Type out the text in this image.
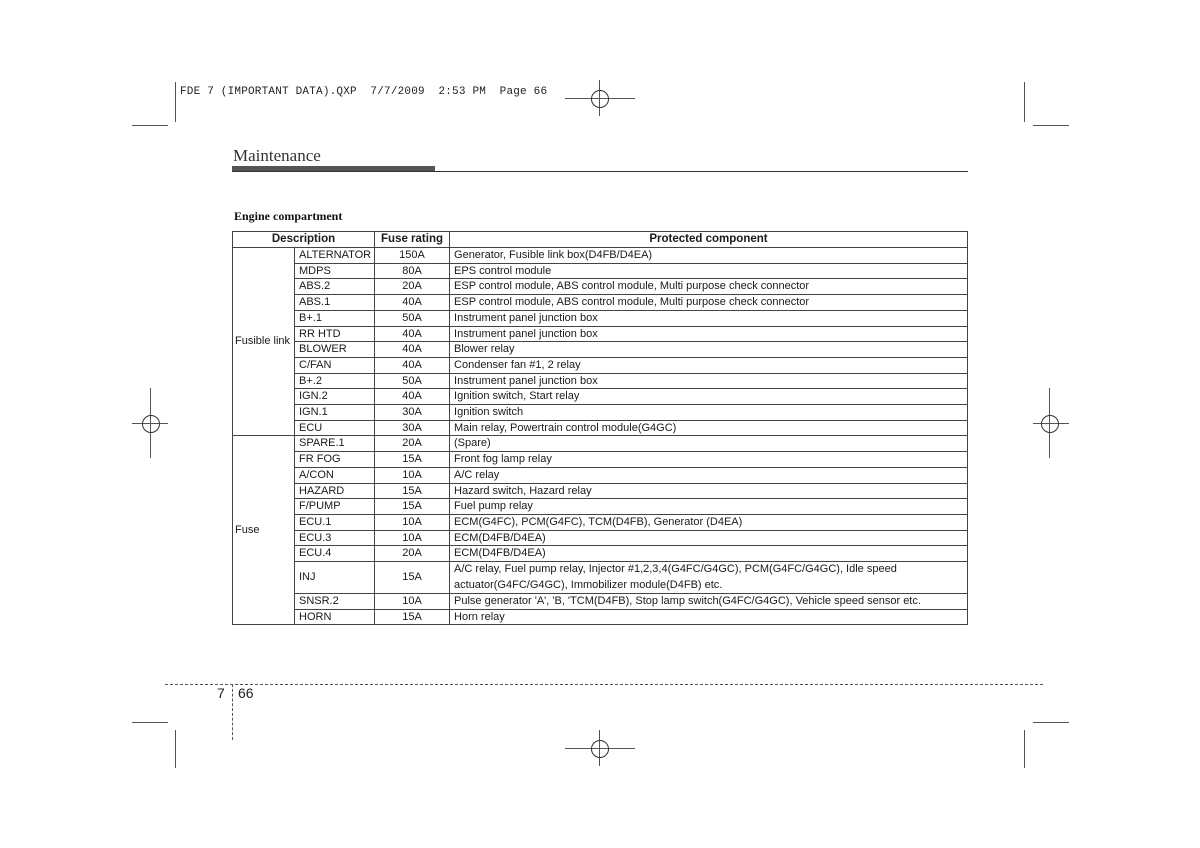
FDE 7 (IMPORTANT DATA).QXP  7/7/2009  2:53 PM  Page 66
Maintenance
Engine compartment
Description		Fuse rating	Protected component
Fusible link	ALTERNATOR	150A	Generator, Fusible link box(D4FB/D4EA)
	MDPS	80A	EPS control module
	ABS.2	20A	ESP control module, ABS control module, Multi purpose check connector
	ABS.1	40A	ESP control module, ABS control module, Multi purpose check connector
	B+.1	50A	Instrument panel junction box
	RR HTD	40A	Instrument panel junction box
	BLOWER	40A	Blower relay
	C/FAN	40A	Condenser fan #1, 2 relay
	B+.2	50A	Instrument panel junction box
	IGN.2	40A	Ignition switch, Start relay
	IGN.1	30A	Ignition switch
	ECU	30A	Main relay, Powertrain control module(G4GC)
Fuse	SPARE.1	20A	(Spare)
	FR FOG	15A	Front fog lamp relay
	A/CON	10A	A/C relay
	HAZARD	15A	Hazard switch, Hazard relay
	F/PUMP	15A	Fuel pump relay
	ECU.1	10A	ECM(G4FC), PCM(G4FC), TCM(D4FB), Generator (D4EA)
	ECU.3	10A	ECM(D4FB/D4EA)
	ECU.4	20A	ECM(D4FB/D4EA)
	INJ	15A	A/C relay, Fuel pump relay, Injector #1,2,3,4(G4FC/G4GC), PCM(G4FC/G4GC), Idle speed actuator(G4FC/G4GC), Immobilizer module(D4FB) etc.
	SNSR.2	10A	Pulse generator 'A', 'B, 'TCM(D4FB), Stop lamp switch(G4FC/G4GC), Vehicle speed sensor etc.
	HORN	15A	Horn relay
7 66
